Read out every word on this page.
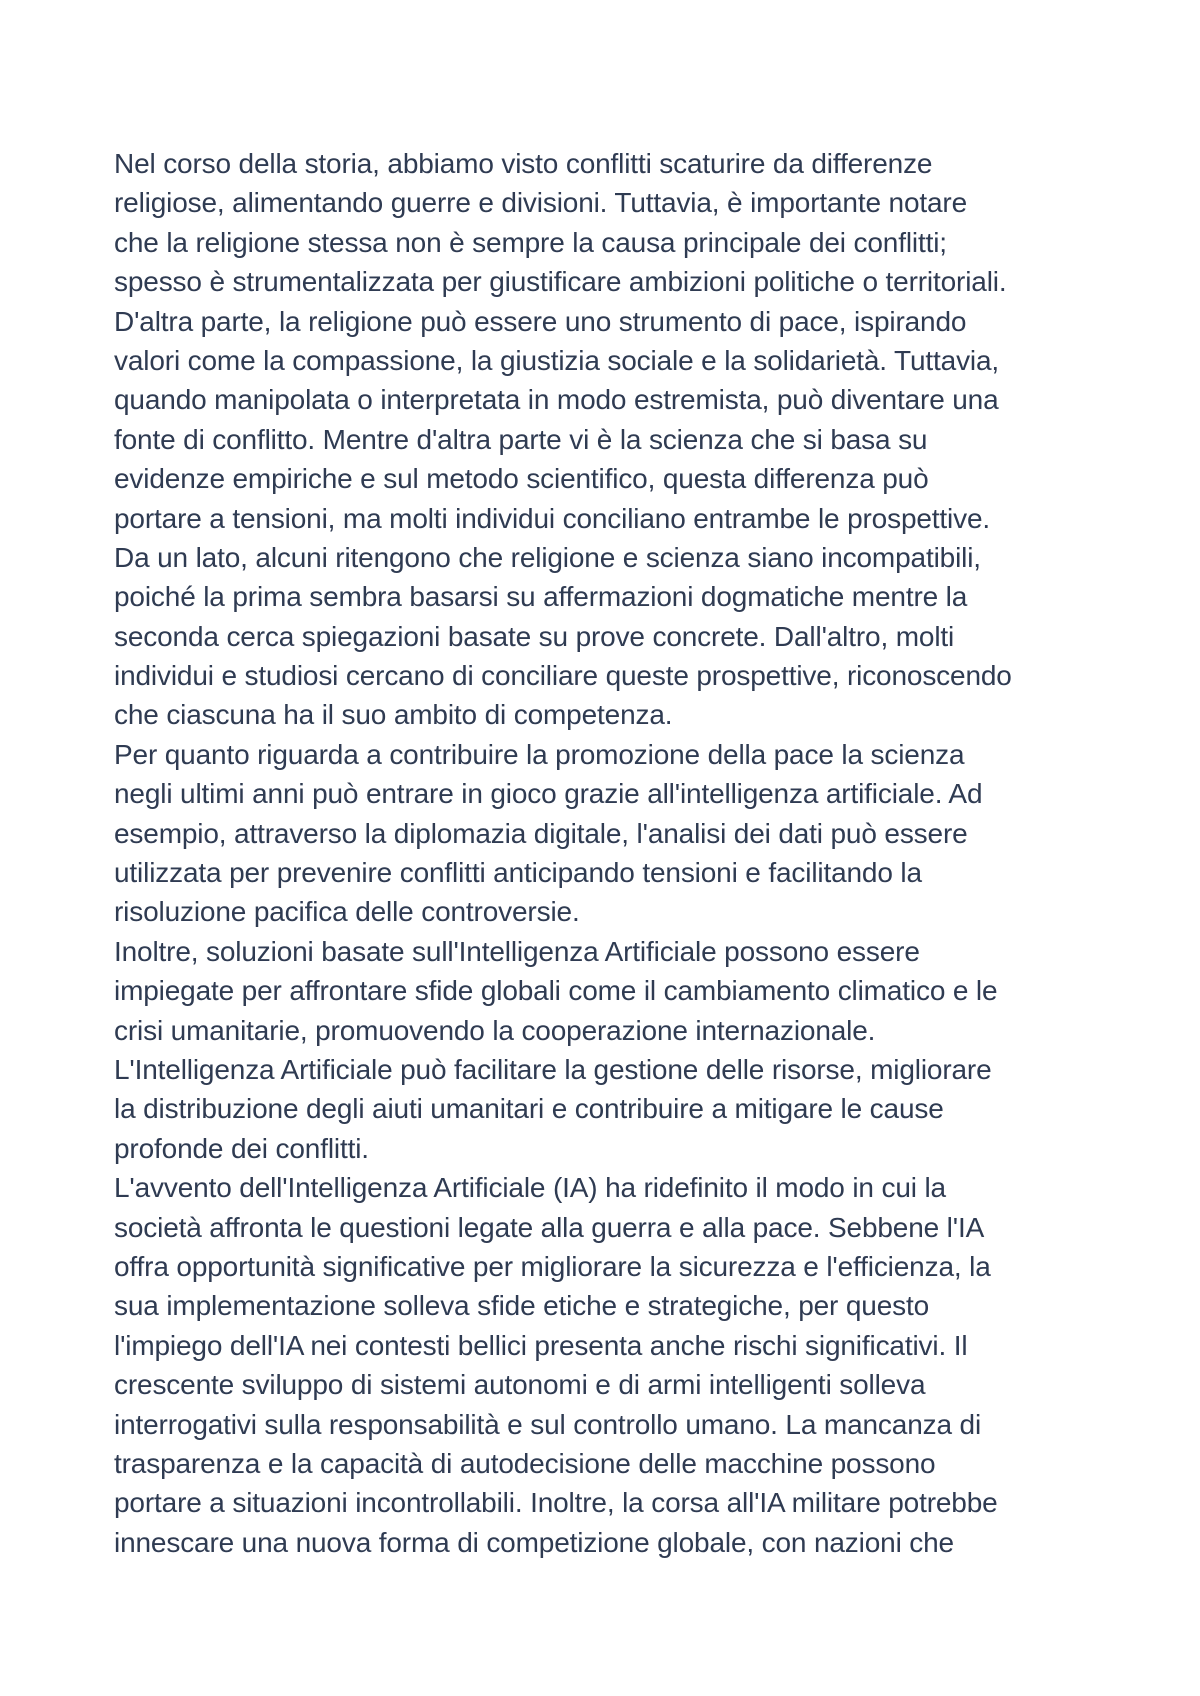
Nel corso della storia, abbiamo visto conflitti scaturire da differenze
religiose, alimentando guerre e divisioni. Tuttavia, è importante notare
che la religione stessa non è sempre la causa principale dei conflitti;
spesso è strumentalizzata per giustificare ambizioni politiche o territoriali.
D'altra parte, la religione può essere uno strumento di pace, ispirando
valori come la compassione, la giustizia sociale e la solidarietà. Tuttavia,
quando manipolata o interpretata in modo estremista, può diventare una
fonte di conflitto. Mentre d'altra parte vi è la scienza che si basa su
evidenze empiriche e sul metodo scientifico, questa differenza può
portare a tensioni, ma molti individui conciliano entrambe le prospettive.
Da un lato, alcuni ritengono che religione e scienza siano incompatibili,
poiché la prima sembra basarsi su affermazioni dogmatiche mentre la
seconda cerca spiegazioni basate su prove concrete. Dall'altro, molti
individui e studiosi cercano di conciliare queste prospettive, riconoscendo
che ciascuna ha il suo ambito di competenza.
Per quanto riguarda a contribuire la promozione della pace la scienza
negli ultimi anni può entrare in gioco grazie all'intelligenza artificiale. Ad
esempio, attraverso la diplomazia digitale, l'analisi dei dati può essere
utilizzata per prevenire conflitti anticipando tensioni e facilitando la
risoluzione pacifica delle controversie.
Inoltre, soluzioni basate sull'Intelligenza Artificiale possono essere
impiegate per affrontare sfide globali come il cambiamento climatico e le
crisi umanitarie, promuovendo la cooperazione internazionale.
L'Intelligenza Artificiale può facilitare la gestione delle risorse, migliorare
la distribuzione degli aiuti umanitari e contribuire a mitigare le cause
profonde dei conflitti.
L'avvento dell'Intelligenza Artificiale (IA) ha ridefinito il modo in cui la
società affronta le questioni legate alla guerra e alla pace. Sebbene l'IA
offra opportunità significative per migliorare la sicurezza e l'efficienza, la
sua implementazione solleva sfide etiche e strategiche, per questo
l'impiego dell'IA nei contesti bellici presenta anche rischi significativi. Il
crescente sviluppo di sistemi autonomi e di armi intelligenti solleva
interrogativi sulla responsabilità e sul controllo umano. La mancanza di
trasparenza e la capacità di autodecisione delle macchine possono
portare a situazioni incontrollabili. Inoltre, la corsa all'IA militare potrebbe
innescare una nuova forma di competizione globale, con nazioni che
